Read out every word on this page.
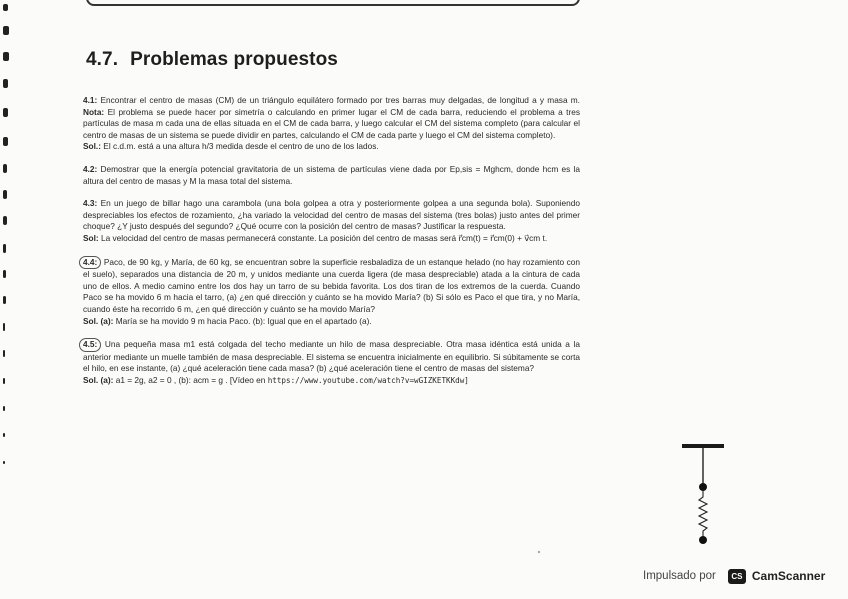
4.7. Problemas propuestos

4.1: Encontrar el centro de masas (CM) de un triángulo equilátero formado por tres barras muy delgadas, de longitud a y masa m. Nota: El problema se puede hacer por simetría o calculando en primer lugar el CM de cada barra, reduciendo el problema a tres partículas de masa m cada una de ellas situada en el CM de cada barra, y luego calcular el CM del sistema completo (para calcular el centro de masas de un sistema se puede dividir en partes, calculando el CM de cada parte y luego el CM del sistema completo).

Sol.: El c.d.m. está a una altura h/3 medida desde el centro de uno de los lados.

4.2: Demostrar que la energía potencial gravitatoria de un sistema de partículas viene dada por Ep,sis = Mghcm, donde hcm es la altura del centro de masas y M la masa total del sistema.

4.3: En un juego de billar hago una carambola (una bola golpea a otra y posteriormente golpea a una segunda bola). Suponiendo despreciables los efectos de rozamiento, ¿ha variado la velocidad del centro de masas del sistema (tres bolas) justo antes del primer choque? ¿Y justo después del segundo? ¿Qué ocurre con la posición del centro de masas? Justificar la respuesta.

Sol: La velocidad del centro de masas permanecerá constante. La posición del centro de masas será r⃗cm(t) = r⃗cm(0) + v⃗cm t.

4.4: Paco, de 90 kg, y María, de 60 kg, se encuentran sobre la superficie resbaladiza de un estanque helado (no hay rozamiento con el suelo), separados una distancia de 20 m, y unidos mediante una cuerda ligera (de masa despreciable) atada a la cintura de cada uno de ellos. A medio camino entre los dos hay un tarro de su bebida favorita. Los dos tiran de los extremos de la cuerda. Cuando Paco se ha movido 6 m hacia el tarro, (a) ¿en qué dirección y cuánto se ha movido María? (b) Si sólo es Paco el que tira, y no María, cuando éste ha recorrido 6 m, ¿en qué dirección y cuánto se ha movido María?

Sol. (a): María se ha movido 9 m hacia Paco. (b): Igual que en el apartado (a).

4.5: Una pequeña masa m1 está colgada del techo mediante un hilo de masa despreciable. Otra masa idéntica está unida a la anterior mediante un muelle también de masa despreciable. El sistema se encuentra inicialmente en equilibrio. Si súbitamente se corta el hilo, en ese instante, (a) ¿qué aceleración tiene cada masa? (b) ¿qué aceleración tiene el centro de masas del sistema?

Sol. (a): a1 = 2g, a2 = 0 , (b): acm = g . [Vídeo en https://www.youtube.com/watch?v=wGIZKETKKdw]

Impulsado por	CS CamScanner
